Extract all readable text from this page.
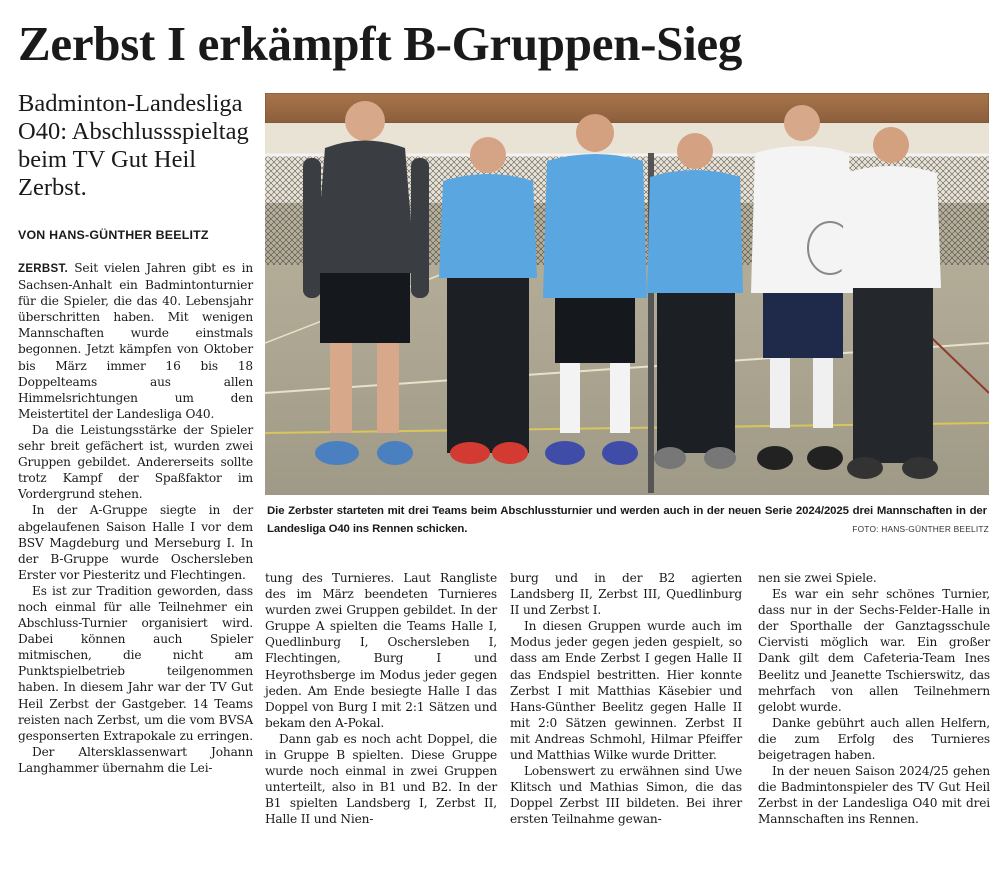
Zerbst I erkämpft B-Gruppen-Sieg

Badminton-Landesliga O40: Abschlussspieltag beim TV Gut Heil Zerbst.

VON HANS-GÜNTHER BEELITZ

ZERBST. Seit vielen Jahren gibt es in Sachsen-Anhalt ein Badmintonturnier für die Spieler, die das 40. Lebensjahr überschritten haben. Mit wenigen Mannschaften wurde einstmals begonnen. Jetzt kämpfen von Oktober bis März immer 16 bis 18 Doppelteams aus allen Himmelsrichtungen um den Meistertitel der Landesliga O40.

Da die Leistungsstärke der Spieler sehr breit gefächert ist, wurden zwei Gruppen gebildet. Andererseits sollte trotz Kampf der Spaßfaktor im Vordergrund stehen.

In der A-Gruppe siegte in der abgelaufenen Saison Halle I vor dem BSV Magdeburg und Merseburg I. In der B-Gruppe wurde Oschersleben Erster vor Piesteritz und Flechtingen.

Es ist zur Tradition geworden, dass noch einmal für alle Teilnehmer ein Abschluss-Turnier organisiert wird. Dabei können auch Spieler mitmischen, die nicht am Punktspielbetrieb teilgenommen haben. In diesem Jahr war der TV Gut Heil Zerbst der Gastgeber. 14 Teams reisten nach Zerbst, um die vom BVSA gesponserten Extrapokale zu erringen.

Der Altersklassenwart Johann Langhammer übernahm die Lei-

Die Zerbster starteten mit drei Teams beim Abschlussturnier und werden auch in der neuen Serie 2024/2025 drei Mannschaften in der Landesliga O40 ins Rennen schicken.	FOTO: HANS-GÜNTHER BEELITZ

tung des Turnieres. Laut Rangliste des im März beendeten Turnieres wurden zwei Gruppen gebildet. In der Gruppe A spielten die Teams Halle I, Quedlinburg I, Oschersleben I, Flechtingen, Burg I und Heyrothsberge im Modus jeder gegen jeden. Am Ende besiegte Halle I das Doppel von Burg I mit 2:1 Sätzen und bekam den A-Pokal.

Dann gab es noch acht Doppel, die in Gruppe B spielten. Diese Gruppe wurde noch einmal in zwei Gruppen unterteilt, also in B1 und B2. In der B1 spielten Landsberg I, Zerbst II, Halle II und Nien-

burg und in der B2 agierten Landsberg II, Zerbst III, Quedlinburg II und Zerbst I.

In diesen Gruppen wurde auch im Modus jeder gegen jeden gespielt, so dass am Ende Zerbst I gegen Halle II das Endspiel bestritten. Hier konnte Zerbst I mit Matthias Käsebier und Hans-Günther Beelitz gegen Halle II mit 2:0 Sätzen gewinnen. Zerbst II mit Andreas Schmohl, Hilmar Pfeiffer und Matthias Wilke wurde Dritter.

Lobenswert zu erwähnen sind Uwe Klitsch und Mathias Simon, die das Doppel Zerbst III bildeten. Bei ihrer ersten Teilnahme gewan-

nen sie zwei Spiele.

Es war ein sehr schönes Turnier, dass nur in der Sechs-Felder-Halle in der Sporthalle der Ganztagsschule Ciervisti möglich war. Ein großer Dank gilt dem Cafeteria-Team Ines Beelitz und Jeanette Tschierswitz, das mehrfach von allen Teilnehmern gelobt wurde.

Danke gebührt auch allen Helfern, die zum Erfolg des Turnieres beigetragen haben.

In der neuen Saison 2024/25 gehen die Badmintonspieler des TV Gut Heil Zerbst in der Landesliga O40 mit drei Mannschaften ins Rennen.
